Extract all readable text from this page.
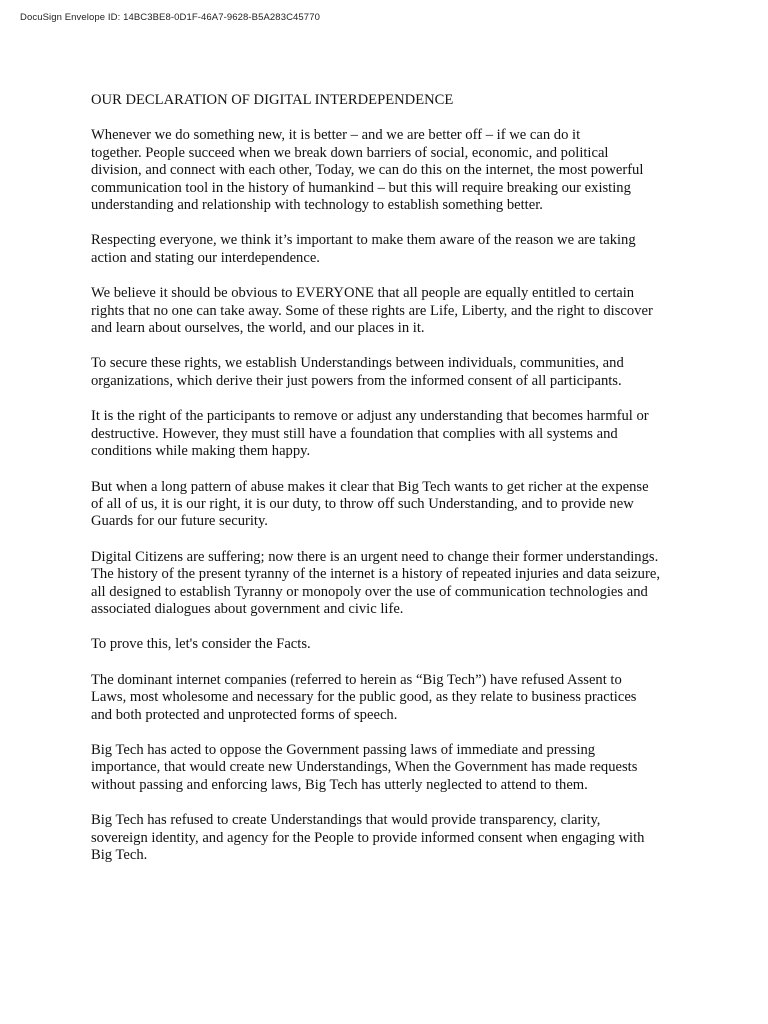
DocuSign Envelope ID: 14BC3BE8-0D1F-46A7-9628-B5A283C45770
OUR DECLARATION OF DIGITAL INTERDEPENDENCE

Whenever we do something new, it is better – and we are better off – if we can do it
together. People succeed when we break down barriers of social, economic, and political
division, and connect with each other, Today, we can do this on the internet, the most powerful
communication tool in the history of humankind – but this will require breaking our existing
understanding and relationship with technology to establish something better.

Respecting everyone, we think it’s important to make them aware of the reason we are taking
action and stating our interdependence.

We believe it should be obvious to EVERYONE that all people are equally entitled to certain
rights that no one can take away. Some of these rights are Life, Liberty, and the right to discover
and learn about ourselves, the world, and our places in it.

To secure these rights, we establish Understandings between individuals, communities, and
organizations, which derive their just powers from the informed consent of all participants.

It is the right of the participants to remove or adjust any understanding that becomes harmful or
destructive. However, they must still have a foundation that complies with all systems and
conditions while making them happy.

But when a long pattern of abuse makes it clear that Big Tech wants to get richer at the expense
of all of us, it is our right, it is our duty, to throw off such Understanding, and to provide new
Guards for our future security.

Digital Citizens are suffering; now there is an urgent need to change their former understandings.
The history of the present tyranny of the internet is a history of repeated injuries and data seizure,
all designed to establish Tyranny or monopoly over the use of communication technologies and
associated dialogues about government and civic life.

To prove this, let's consider the Facts.

The dominant internet companies (referred to herein as “Big Tech”) have refused Assent to
Laws, most wholesome and necessary for the public good, as they relate to business practices
and both protected and unprotected forms of speech.

Big Tech has acted to oppose the Government passing laws of immediate and pressing
importance, that would create new Understandings, When the Government has made requests
without passing and enforcing laws, Big Tech has utterly neglected to attend to them.

Big Tech has refused to create Understandings that would provide transparency, clarity,
sovereign identity, and agency for the People to provide informed consent when engaging with
Big Tech.
